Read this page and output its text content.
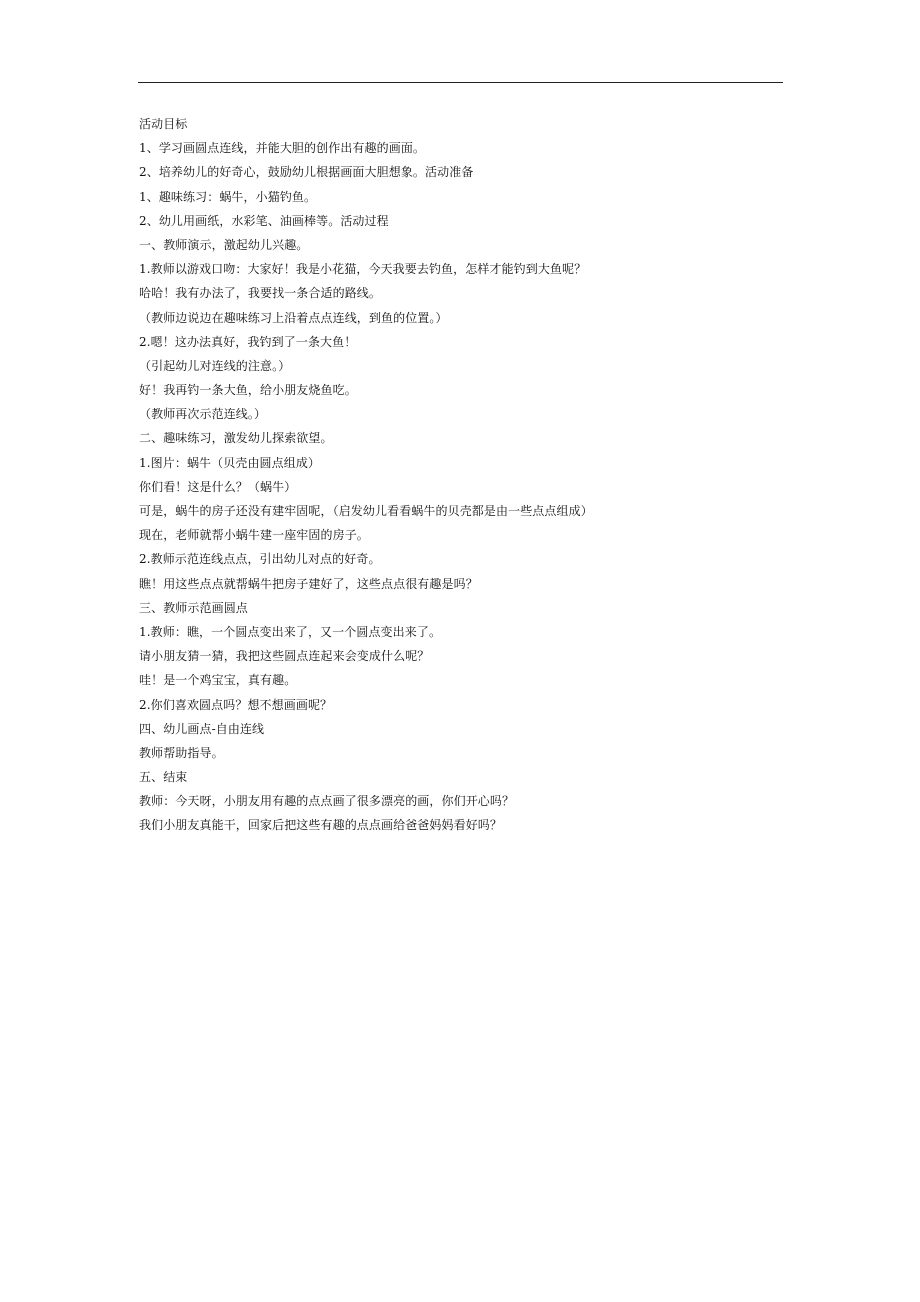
活动目标
1、学习画圆点连线，并能大胆的创作出有趣的画面。
2、培养幼儿的好奇心，鼓励幼儿根据画面大胆想象。活动准备
1、趣味练习：蜗牛，小猫钓鱼。
2、幼儿用画纸，水彩笔、油画棒等。活动过程
一、教师演示，激起幼儿兴趣。
1.教师以游戏口吻：大家好！我是小花猫，今天我要去钓鱼，怎样才能钓到大鱼呢？
哈哈！我有办法了，我要找一条合适的路线。
（教师边说边在趣味练习上沿着点点连线，到鱼的位置。）
2.嗯！这办法真好，我钓到了一条大鱼！
（引起幼儿对连线的注意。）
好！我再钓一条大鱼，给小朋友烧鱼吃。
（教师再次示范连线。）
二、趣味练习，激发幼儿探索欲望。
1.图片：蜗牛（贝壳由圆点组成）
你们看！这是什么？（蜗牛）
可是，蜗牛的房子还没有建牢固呢，（启发幼儿看看蜗牛的贝壳都是由一些点点组成）
现在，老师就帮小蜗牛建一座牢固的房子。
2.教师示范连线点点，引出幼儿对点的好奇。
瞧！用这些点点就帮蜗牛把房子建好了，这些点点很有趣是吗？
三、教师示范画圆点
1.教师：瞧，一个圆点变出来了，又一个圆点变出来了。
请小朋友猜一猜，我把这些圆点连起来会变成什么呢？
哇！是一个鸡宝宝，真有趣。
2.你们喜欢圆点吗？想不想画画呢？
四、幼儿画点-自由连线
教师帮助指导。
五、结束
教师：今天呀，小朋友用有趣的点点画了很多漂亮的画，你们开心吗？
我们小朋友真能干，回家后把这些有趣的点点画给爸爸妈妈看好吗？
